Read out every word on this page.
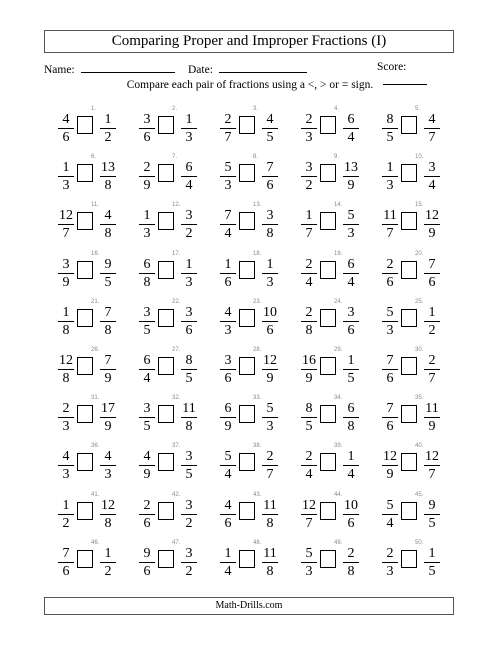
Comparing Proper and Improper Fractions (I)
Name:	Date:	Score:
Compare each pair of fractions using a <, > or = sign.
1.
4
6
1
2
2.
3
6
1
3
3.
2
7
4
5
4.
2
3
6
4
5.
8
5
4
7
6.
1
3
13
8
7.
2
9
6
4
8.
5
3
7
6
9.
3
2
13
9
10.
1
3
3
4
11.
12
7
4
8
12.
1
3
3
2
13.
7
4
3
8
14.
1
7
5
3
15.
11
7
12
9
16.
3
9
9
5
17.
6
8
1
3
18.
1
6
1
3
19.
2
4
6
4
20.
2
6
7
6
21.
1
8
7
8
22.
3
5
3
6
23.
4
3
10
6
24.
2
8
3
6
25.
5
3
1
2
26.
12
8
7
9
27.
6
4
8
5
28.
3
6
12
9
29.
16
9
1
5
30.
7
6
2
7
31.
2
3
17
9
32.
3
5
11
8
33.
6
9
5
3
34.
8
5
6
8
35.
7
6
11
9
36.
4
3
4
3
37.
4
9
3
5
38.
5
4
2
7
39.
2
4
1
4
40.
12
9
12
7
41.
1
2
12
8
42.
2
6
3
2
43.
4
6
11
8
44.
12
7
10
6
45.
5
4
9
5
46.
7
6
1
2
47.
9
6
3
2
48.
1
4
11
8
49.
5
3
2
8
50.
2
3
1
5
Math-Drills.com
